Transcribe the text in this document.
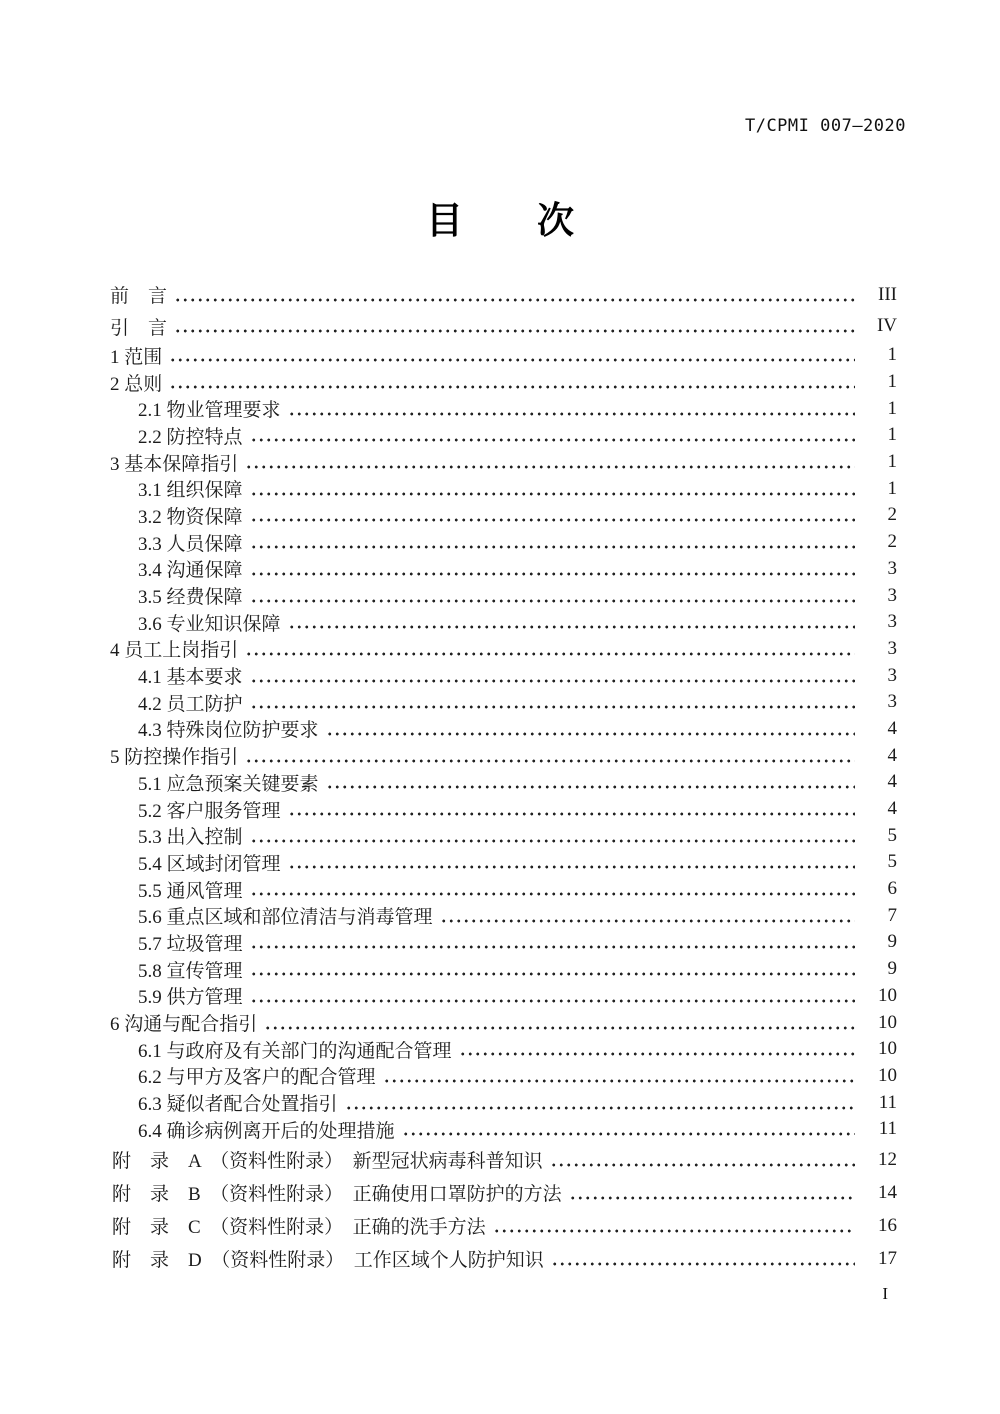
T/CPMI 007—2020
目　　次
前　言	III
引　言	IV
1 范围	1
2 总则	1
2.1 物业管理要求	1
2.2 防控特点	1
3 基本保障指引	1
3.1 组织保障	1
3.2 物资保障	2
3.3 人员保障	2
3.4 沟通保障	3
3.5 经费保障	3
3.6 专业知识保障	3
4 员工上岗指引	3
4.1 基本要求	3
4.2 员工防护	3
4.3 特殊岗位防护要求	4
5 防控操作指引	4
5.1 应急预案关键要素	4
5.2 客户服务管理	4
5.3 出入控制	5
5.4 区域封闭管理	5
5.5 通风管理	6
5.6 重点区域和部位清洁与消毒管理	7
5.7 垃圾管理	9
5.8 宣传管理	9
5.9 供方管理	10
6 沟通与配合指引	10
6.1 与政府及有关部门的沟通配合管理	10
6.2 与甲方及客户的配合管理	10
6.3 疑似者配合处置指引	11
6.4 确诊病例离开后的处理措施	11
附　录　A　（资料性附录）　新型冠状病毒科普知识	12
附　录　B　（资料性附录）　正确使用口罩防护的方法	14
附　录　C　（资料性附录）　正确的洗手方法	16
附　录　D　（资料性附录）　工作区域个人防护知识	17
I
